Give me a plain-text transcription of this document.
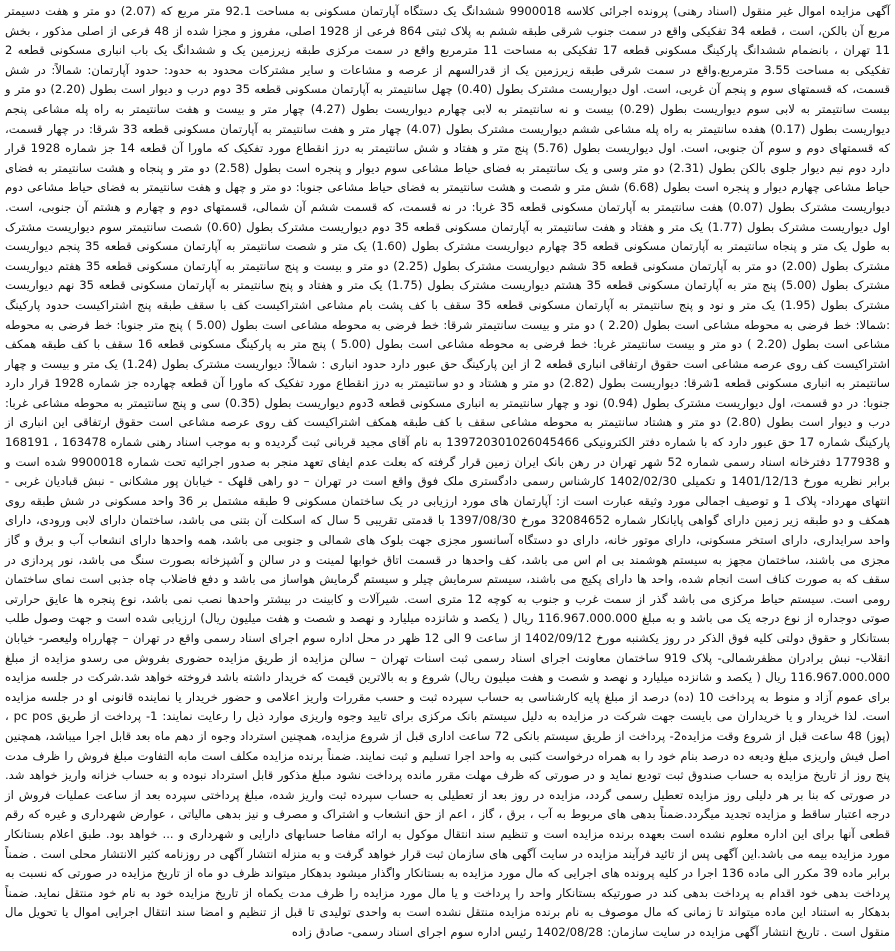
آگهی مزایده اموال غیر منقول (اسناد رهنی) پرونده اجرائی کلاسه 9900018 ششدانگ یک دستگاه آپارتمان مسکونی به مساحت 92.1 متر مربع که (2.07) دو متر و هفت دسیمتر مربع آن بالکن، است ، قطعه 34 تفکیکی واقع در سمت جنوب شرقی طبقه ششم به پلاک ثبتی 864 فرعی از 1928 اصلی، مفروز و مجزا شده از 48 فرعی از اصلی مذکور ، بخش 11 تهران ، بانضمام ششدانگ پارکینگ مسکونی قطعه 17 تفکیکی به مساحت 11 مترمربع واقع در سمت مرکزی طبقه زیرزمین یک و ششدانگ یک باب انباری مسکونی قطعه 2 تفکیکی به مساحت 3.55 مترمربع.واقع در سمت شرقی طبقه زیرزمین یک از قدرالسهم از عرصه و مشاعات و سایر مشترکات محدود به حدود: حدود آپارتمان: شمالاً: در شش قسمت، که قسمتهای سوم و پنجم آن غربی، است. اول دیواریست مشترک بطول (0.40) چهل سانتیمتر به آپارتمان مسکونی قطعه 35 دوم درب و دیوار است بطول (2.20) دو متر و بیست سانتیمتر به لابی سوم دیواریست بطول (0.29) بیست و نه سانتیمتر به لابی چهارم دیواریست بطول (4.27) چهار متر و بیست و هفت سانتیمتر به راه پله مشاعی پنجم دیواریست بطول (0.17) هفده سانتیمتر به راه پله مشاعی ششم دیواریست مشترک بطول (4.07) چهار متر و هفت سانتیمتر به آپارتمان مسکونی قطعه 33 شرقا: در چهار قسمت، که قسمتهای دوم و سوم آن جنوبی، است. اول دیواریست بطول (5.76) پنج متر و هفتاد و شش سانتیمتر به درز انقطاع مورد تفکیک که ماورا آن قطعه 14 جز شماره 1928 قرار دارد دوم نیم دیوار جلوی بالکن بطول (2.31) دو متر وسی و یک سانتیمتر به فضای حیاط مشاعی سوم دیوار و پنجره است بطول (2.58) دو متر و پنجاه و هشت سانتیمتر به فضای حیاط مشاعی چهارم دیوار و پنجره است بطول (6.68) شش متر و شصت و هشت سانتیمتر به فضای حیاط مشاعی جنوبا: دو متر و چهل و هفت سانتیمتر به فضای حیاط مشاعی دوم دیواریست مشترک بطول (0.07) هفت سانتیمتر به آپارتمان مسکونی قطعه 35 غربا: در نه قسمت، که قسمت ششم آن شمالی، قسمتهای دوم و چهارم و هشتم آن جنوبی، است. اول دیواریست مشترک بطول (1.77) یک متر و هفتاد و هفت سانتیمتر به آپارتمان مسکونی قطعه 35 دوم دیواریست مشترک بطول (0.60) شصت سانتیمتر سوم دیواریست مشترک به طول یک متر و پنجاه سانتیمتر به آپارتمان مسکونی قطعه 35 چهارم دیواریست مشترک بطول (1.60) یک متر و شصت سانتیمتر به آپارتمان مسکونی قطعه 35 پنجم دیواریست مشترک بطول (2.00) دو متر به آپارتمان مسکونی قطعه 35 ششم دیواریست مشترک بطول (2.25) دو متر و بیست و پنج سانتیمتر به آپارتمان مسکونی قطعه 35 هفتم دیواریست مشترک بطول (5.00) پنج متر به آپارتمان مسکونی قطعه 35 هشتم دیواریست مشترک بطول (1.75) یک متر و هفتاد و پنج سانتیمتر به آپارتمان مسکونی قطعه 35 نهم دیواریست مشترک بطول (1.95) یک متر و نود و پنج سانتیمتر به آپارتمان مسکونی قطعه 35 سقف با کف پشت بام مشاعی اشتراکیست کف با سقف طبقه پنج اشتراکیست حدود پارکینگ :شمالا: خط فرضی به محوطه مشاعی است بطول (2.20 ) دو متر و بیست سانتیمتر شرقا: خط فرضی به محوطه مشاعی است بطول (5.00 ) پنج متر جنوبا: خط فرضی به محوطه مشاعی است بطول (2.20 ) دو متر و بیست سانتیمتر غربا: خط فرضی به محوطه مشاعی است بطول (5.00 ) پنج متر به پارکینگ مسکونی قطعه 16 سقف با کف طبقه همکف اشتراکیست کف روی عرصه مشاعی است حقوق ارتفاقی انباری قطعه 2 از این پارکینگ حق عبور دارد حدود انباری : شمالاً: دیواریست مشترک بطول (1.24) یک متر و بیست و چهار سانتیمتر به انباری مسکونی قطعه 1شرقا: دیواریست بطول (2.82) دو متر و هشتاد و دو سانتیمتر به درز انقطاع مورد تفکیک که ماورا آن قطعه چهارده جز شماره 1928 قرار دارد جنوبا: در دو قسمت، اول دیواریست مشترک بطول (0.94) نود و چهار سانتیمتر به انباری مسکونی قطعه 3دوم دیواریست بطول (0.35) سی و پنج سانتیمتر به محوطه مشاعی غربا: درب و دیوار است بطول (2.80) دو متر و هشتاد سانتیمتر به محوطه مشاعی سقف با کف طبقه همکف اشتراکیست کف روی عرصه مشاعی است حقوق ارتفاقی این انباری از پارکینگ شماره 17 حق عبور دارد که با شماره دفتر الکترونیکی 139720301026045466 به نام آقای مجید قربانی ثبت گردیده و به موجب اسناد رهنی شماره 163478 ، 168191 و 177938 دفترخانه اسناد رسمی شماره 52 شهر تهران در رهن بانک ایران زمین قرار گرفته که بعلت عدم ایفای تعهد منجر به صدور اجرائیه تحت شماره 9900018 شده است و برابر نظریه مورخ 1401/12/13 و تکمیلی 1402/02/30 کارشناس رسمی دادگستری ملک فوق واقع است در تهران – دو راهی قلهک - خیابان پور مشکانی - نبش قبادیان غربی - انتهای مهرداد- پلاک 1 و توصیف اجمالی مورد وثیقه عبارت است از: آپارتمان های مورد ارزیابی در یک ساختمان مسکونی 9 طبقه مشتمل بر 36 واحد مسکونی در شش طبقه روی همکف و دو طبقه زیر زمین دارای گواهی پایانکار شماره 32084652 مورخ 1397/08/30 با قدمتی تقریبی 5 سال که اسکلت آن بتنی می باشد، ساختمان دارای لابی ورودی، دارای واحد سرایداری، دارای استخر مسکونی، دارای موتور خانه، دارای دو دستگاه آسانسور مجزی جهت بلوک های شمالی و جنوبی می باشد، همه واحدها دارای انشعاب آب و برق و گاز مجزی می باشند، ساختمان مجهز به سیستم هوشمند بی ام اس می باشد، کف واحدها در قسمت اتاق خوابها لمینت و در سالن و آشپزخانه بصورت سنگ می باشد، نور پردازی در سقف که به صورت کناف است انجام شده، واحد ها دارای پکیج می باشند، سیستم سرمایش چیلر و سیستم گرمایش هواساز می باشد و دفع فاضلاب چاه جذبی است نمای ساختمان رومی است. سیستم حیاط مرکزی می باشد گذر از سمت غرب و جنوب به کوچه 12 متری است. شیرآلات و کابینت در بیشتر واحدها نصب نمی باشد، نوع پنجره ها عایق حرارتی صوتی دوجداره از نوع درجه یک می باشد و به مبلغ 116.967.000.000 ریال ( یکصد و شانزده میلیارد و نهصد و شصت و هفت میلیون ریال) ارزیابی شده است و جهت وصول طلب بستانکار و حقوق دولتی کلیه فوق الذکر در روز یکشنبه مورخ 1402/09/12 از ساعت 9 الی 12 ظهر در محل اداره سوم اجرای اسناد رسمی واقع در تهران – چهارراه ولیعصر- خیابان انقلاب- نبش برادران مظفرشمالی- پلاک 919 ساختمان معاونت اجرای اسناد رسمی ثبت اسنات تهران – سالن مزایده از طریق مزایده حضوری بفروش می رسدو مزایده از مبلغ 116.967.000.000 ریال ( یکصد و شانزده میلیارد و نهصد و شصت و هفت میلیون ریال) شروع و به بالاترین قیمت که خریدار داشته باشد فروخته خواهد شد.شرکت در جلسه مزایده برای عموم آزاد و منوط به پرداخت 10 (ده) درصد از مبلغ پایه کارشناسی به حساب سپرده ثبت و حسب مقررات واریز اعلامی و حضور خریدار یا نماینده قانونی او در جلسه مزایده است. لذا خریدار و یا خریداران می بایست جهت شرکت در مزایده به دلیل سیستم بانک مرکزی برای تایید وجوه واریزی موارد ذیل را رعایت نمایند: 1- پرداخت از طریق pc pos ، (پوز) 48 ساعت قبل از شروع وقت مزایده2- پرداخت از طریق سیستم بانکی 72 ساعت اداری قبل از شروع مزایده، همچنین استرداد وجوه از دهم ماه بعد قابل اجرا میباشد، همچنین اصل فیش واریزی مبلغ ودیعه ده درصد بنام خود را به همراه درخواست کتبی به واحد اجرا تسلیم و ثبت نمایند. ضمناً برنده مزایده مکلف است مابه التفاوت مبلغ فروش را ظرف مدت پنج روز از تاریخ مزایده به حساب صندوق ثبت تودیع نماید و در صورتی که ظرف مهلت مقرر مانده پرداخت نشود مبلغ مذکور قابل استرداد نبوده و به حساب خزانه واریز خواهد شد. در صورتی که بنا بر هر دلیلی روز مزایده تعطیل رسمی گردد، مزایده در روز بعد از تعطیلی به حساب سپرده ثبت واریز شده، مبلغ پرداختی سپرده بعد از ساعت عملیات فروش از درجه اعتبار ساقط و مزایده تجدید میگردد.ضمناً بدهی های مربوط به آب ، برق ، گاز ، اعم از حق انشعاب و اشتراک و مصرف و نیز بدهی مالیاتی ، عوارض شهرداری و غیره که رقم قطعی آنها برای این اداره معلوم نشده است بعهده برنده مزایده است و تنظیم سند انتقال موکول به ارائه مفاصا حسابهای دارایی و شهرداری و ... خواهد بود. طبق اعلام بستانکار مورد مزایده بیمه می باشد.این آگهی پس از تائید فرآیند مزایده در سایت آگهی های سازمان ثبت قرار خواهد گرفت و به منزله انتشار آگهی در روزنامه کثیر الانتشار محلی است . ضمناً برابر ماده 39 مکرر الی ماده 136 اجرا در کلیه پرونده های اجرایی که مال مورد مزایده به بستانکار واگذار میشود بدهکار میتواند ظرف دو ماه از تاریخ مزایده در صورتی که نسبت به پرداخت بدهی خود اقدام به پرداخت بدهی کند در صورتیکه بستانکار واحد را پرداخت و یا مال مورد مزایده را ظرف مدت یکماه از تاریخ مزایده خود به نام خود منتقل نماید. ضمناً بدهکار به استناد این ماده میتواند تا زمانی که مال موصوف به نام برنده مزایده منتقل نشده است به واحدی تولیدی تا قبل از تنظیم و امضا سند انتقال اجرایی اموال یا تحویل مال منقول است . تاریخ انتشار آگهی مزایده در سایت سازمان: 1402/08/28 رئیس اداره سوم اجرای اسناد رسمی- صادق زاده
